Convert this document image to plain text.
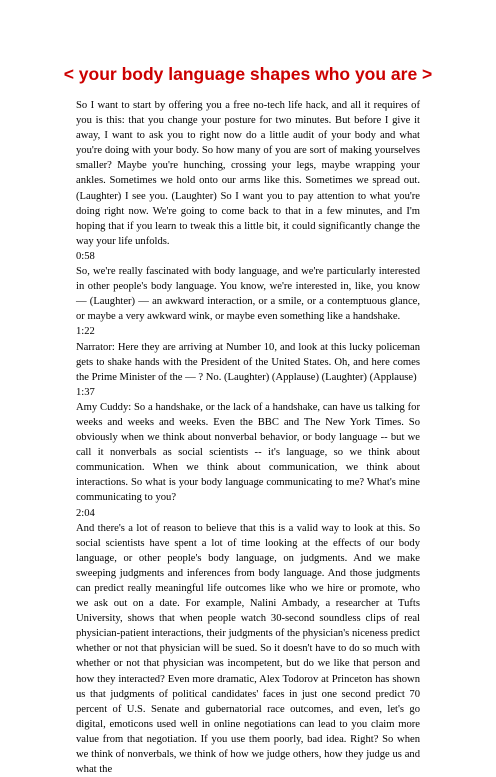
< your body language shapes who you are >

So I want to start by offering you a free no-tech life hack, and all it requires of you is this: that you change your posture for two minutes. But before I give it away, I want to ask you to right now do a little audit of your body and what you're doing with your body. So how many of you are sort of making yourselves smaller? Maybe you're hunching, crossing your legs, maybe wrapping your ankles. Sometimes we hold onto our arms like this. Sometimes we spread out. (Laughter) I see you. (Laughter) So I want you to pay attention to what you're doing right now. We're going to come back to that in a few minutes, and I'm hoping that if you learn to tweak this a little bit, it could significantly change the way your life unfolds.

0:58

So, we're really fascinated with body language, and we're particularly interested in other people's body language. You know, we're interested in, like, you know — (Laughter) — an awkward interaction, or a smile, or a contemptuous glance, or maybe a very awkward wink, or maybe even something like a handshake.

1:22

Narrator: Here they are arriving at Number 10, and look at this lucky policeman gets to shake hands with the President of the United States. Oh, and here comes the Prime Minister of the — ? No. (Laughter) (Applause) (Laughter) (Applause)

1:37

Amy Cuddy: So a handshake, or the lack of a handshake, can have us talking for weeks and weeks and weeks. Even the BBC and The New York Times. So obviously when we think about nonverbal behavior, or body language -- but we call it nonverbals as social scientists -- it's language, so we think about communication. When we think about communication, we think about interactions. So what is your body language communicating to me? What's mine communicating to you?

2:04

And there's a lot of reason to believe that this is a valid way to look at this. So social scientists have spent a lot of time looking at the effects of our body language, or other people's body language, on judgments. And we make sweeping judgments and inferences from body language. And those judgments can predict really meaningful life outcomes like who we hire or promote, who we ask out on a date. For example, Nalini Ambady, a researcher at Tufts University, shows that when people watch 30-second soundless clips of real physician-patient interactions, their judgments of the physician's niceness predict whether or not that physician will be sued. So it doesn't have to do so much with whether or not that physician was incompetent, but do we like that person and how they interacted? Even more dramatic, Alex Todorov at Princeton has shown us that judgments of political candidates' faces in just one second predict 70 percent of U.S. Senate and gubernatorial race outcomes, and even, let's go digital, emoticons used well in online negotiations can lead to you claim more value from that negotiation. If you use them poorly, bad idea. Right? So when we think of nonverbals, we think of how we judge others, how they judge us and what the
